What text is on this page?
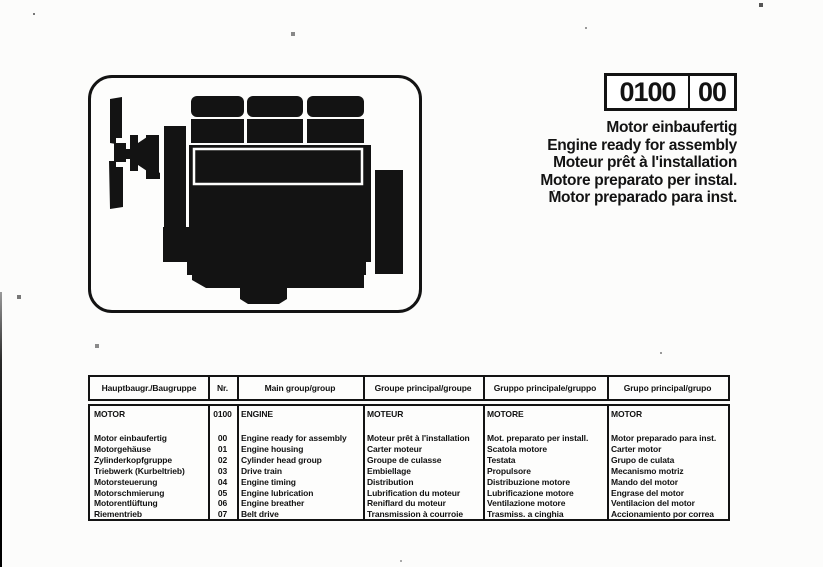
0100 00
Motor einbaufertig
Engine ready for assembly
Moteur prêt à l'installation
Motore preparato per instal.
Motor preparado para inst.
Hauptbaugr./Baugruppe	Nr.	Main group/group	Groupe principal/groupe	Gruppo principale/gruppo	Grupo principal/grupo
MOTOR	0100	ENGINE	MOTEUR	MOTORE	MOTOR
Motor einbaufertig	00	Engine ready for assembly	Moteur prêt à l'installation	Mot. preparato per install.	Motor preparado para inst.
Motorgehäuse	01	Engine housing	Carter moteur	Scatola motore	Carter motor
Zylinderkopfgruppe	02	Cylinder head group	Groupe de culasse	Testata	Grupo de culata
Triebwerk (Kurbeltrieb)	03	Drive train	Embiellage	Propulsore	Mecanismo motriz
Motorsteuerung	04	Engine timing	Distribution	Distribuzione motore	Mando del motor
Motorschmierung	05	Engine lubrication	Lubrification du moteur	Lubrificazione motore	Engrase del motor
Motorentlüftung	06	Engine breather	Reniflard du moteur	Ventilazione motore	Ventilacion del motor
Riementrieb	07	Belt drive	Transmission à courroie	Trasmiss. a cinghia	Accionamiento por correa
